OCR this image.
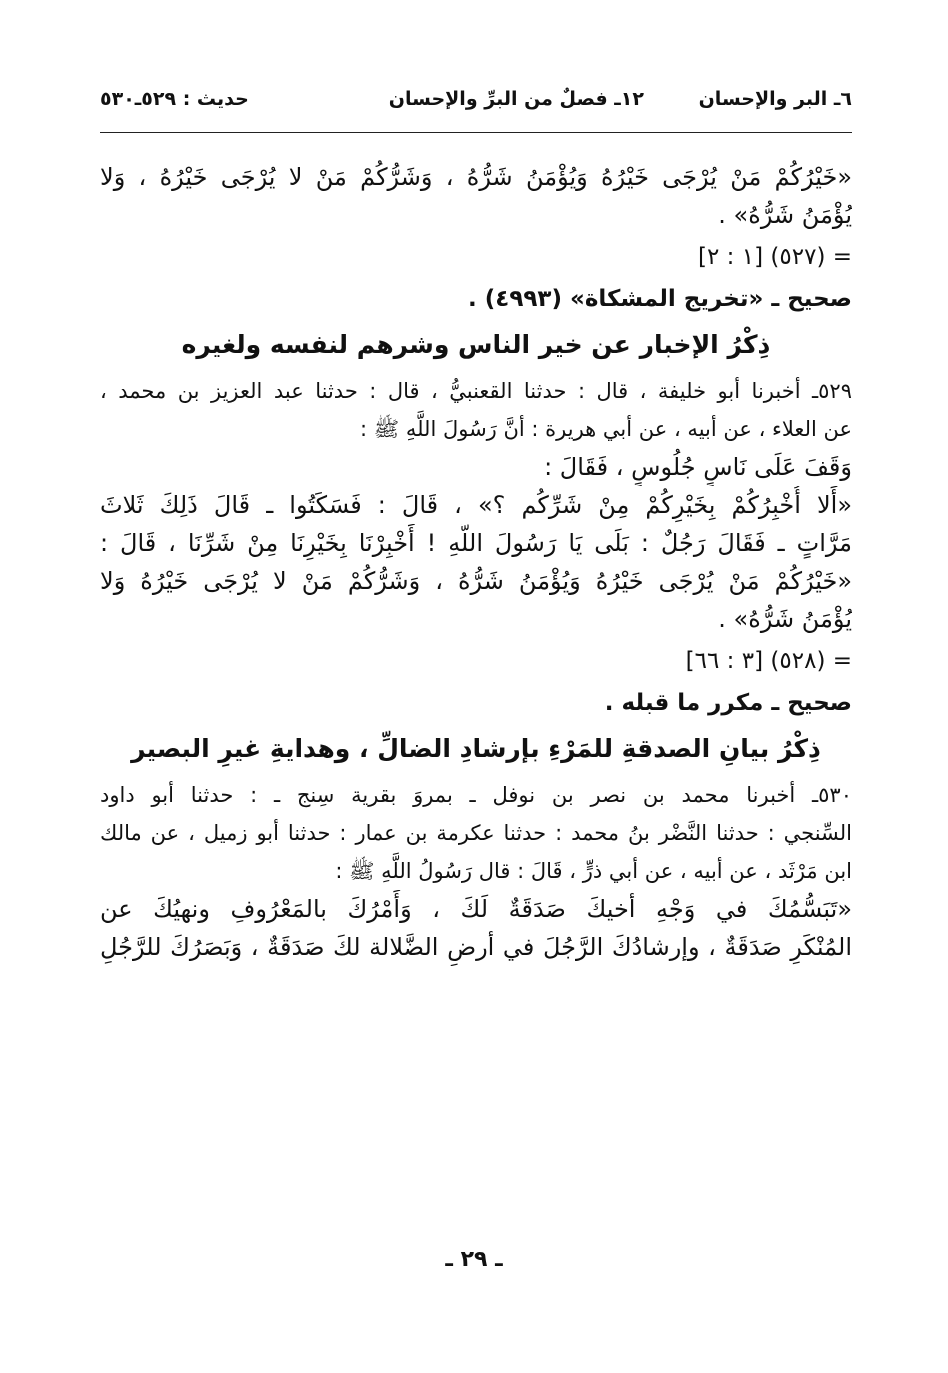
٦ـ البر والإحسان
١٢ـ فصلٌ من البرِّ والإحسان
حديث : ٥٢٩ـ٥٣٠
«خَيْرُكُمْ مَنْ يُرْجَى خَيْرُهُ وَيُؤْمَنُ شَرُّهُ ، وَشَرُّكُمْ مَنْ لا يُرْجَى خَيْرُهُ ، وَلا
يُؤْمَنُ شَرُّهُ» .
= (٥٢٧) [١ : ٢]
صحيح ـ «تخريج المشكاة» (٤٩٩٣) .
ذِكْرُ الإخبار عن خير الناس وشرهم لنفسه ولغيره
٥٢٩ـ أخبرنا أبو خليفة ، قال : حدثنا القعنبيُّ ، قال : حدثنا عبد العزيز بن محمد ،
عن العلاء ، عن أبيه ، عن أبي هريرة : أنَّ رَسُولَ اللَّهِ ﷺ :
وَقَفَ عَلَى نَاسٍ جُلُوسٍ ، فَقَالَ :
«أَلا أُخْبِرُكُمْ بِخَيْرِكُمْ مِنْ شَرِّكُم ؟» ، قَالَ : فَسَكَتُوا ـ قَالَ ذَلِكَ ثَلاثَ
مَرَّاتٍ ـ فَقَالَ رَجُلٌ : بَلَى يَا رَسُولَ اللَّهِ ! أَخْبِرْنَا بِخَيْرِنَا مِنْ شَرِّنَا ، قَالَ :
«خَيْرُكُمْ مَنْ يُرْجَى خَيْرُهُ وَيُؤْمَنُ شَرُّهُ ، وَشَرُّكُمْ مَنْ لا يُرْجَى خَيْرُهُ وَلا
يُؤْمَنُ شَرُّهُ» .
= (٥٢٨) [٣ : ٦٦]
صحيح ـ مكرر ما قبله .
ذِكْرُ بيانِ الصدقةِ للمَرْءِ بإرشادِ الضالِّ ، وهدايةِ غيرِ البصير
٥٣٠ـ أخبرنا محمد بن نصر بن نوفل ـ بمروَ بقرية سِنج ـ : حدثنا أبو داود
السِّنجي : حدثنا النَّضْر بنُ محمد : حدثنا عكرمة بن عمار : حدثنا أبو زميل ، عن مالك
ابن مَرْثَد ، عن أبيه ، عن أبي ذرٍّ ، قَالَ : قال رَسُولُ اللَّهِ ﷺ :
«تَبَسُّمُكَ في وَجْهِ أخيكَ صَدَقَةٌ لَكَ ، وَأَمْرُكَ بالمَعْرُوفِ ونهيُكَ عن
المُنْكَرِ صَدَقَةٌ ، وإرشادُكَ الرَّجُلَ في أرضِ الضَّلالة لكَ صَدَقَةٌ ، وَبَصَرُكَ للرَّجُلِ
ـ ٢٩ ـ
